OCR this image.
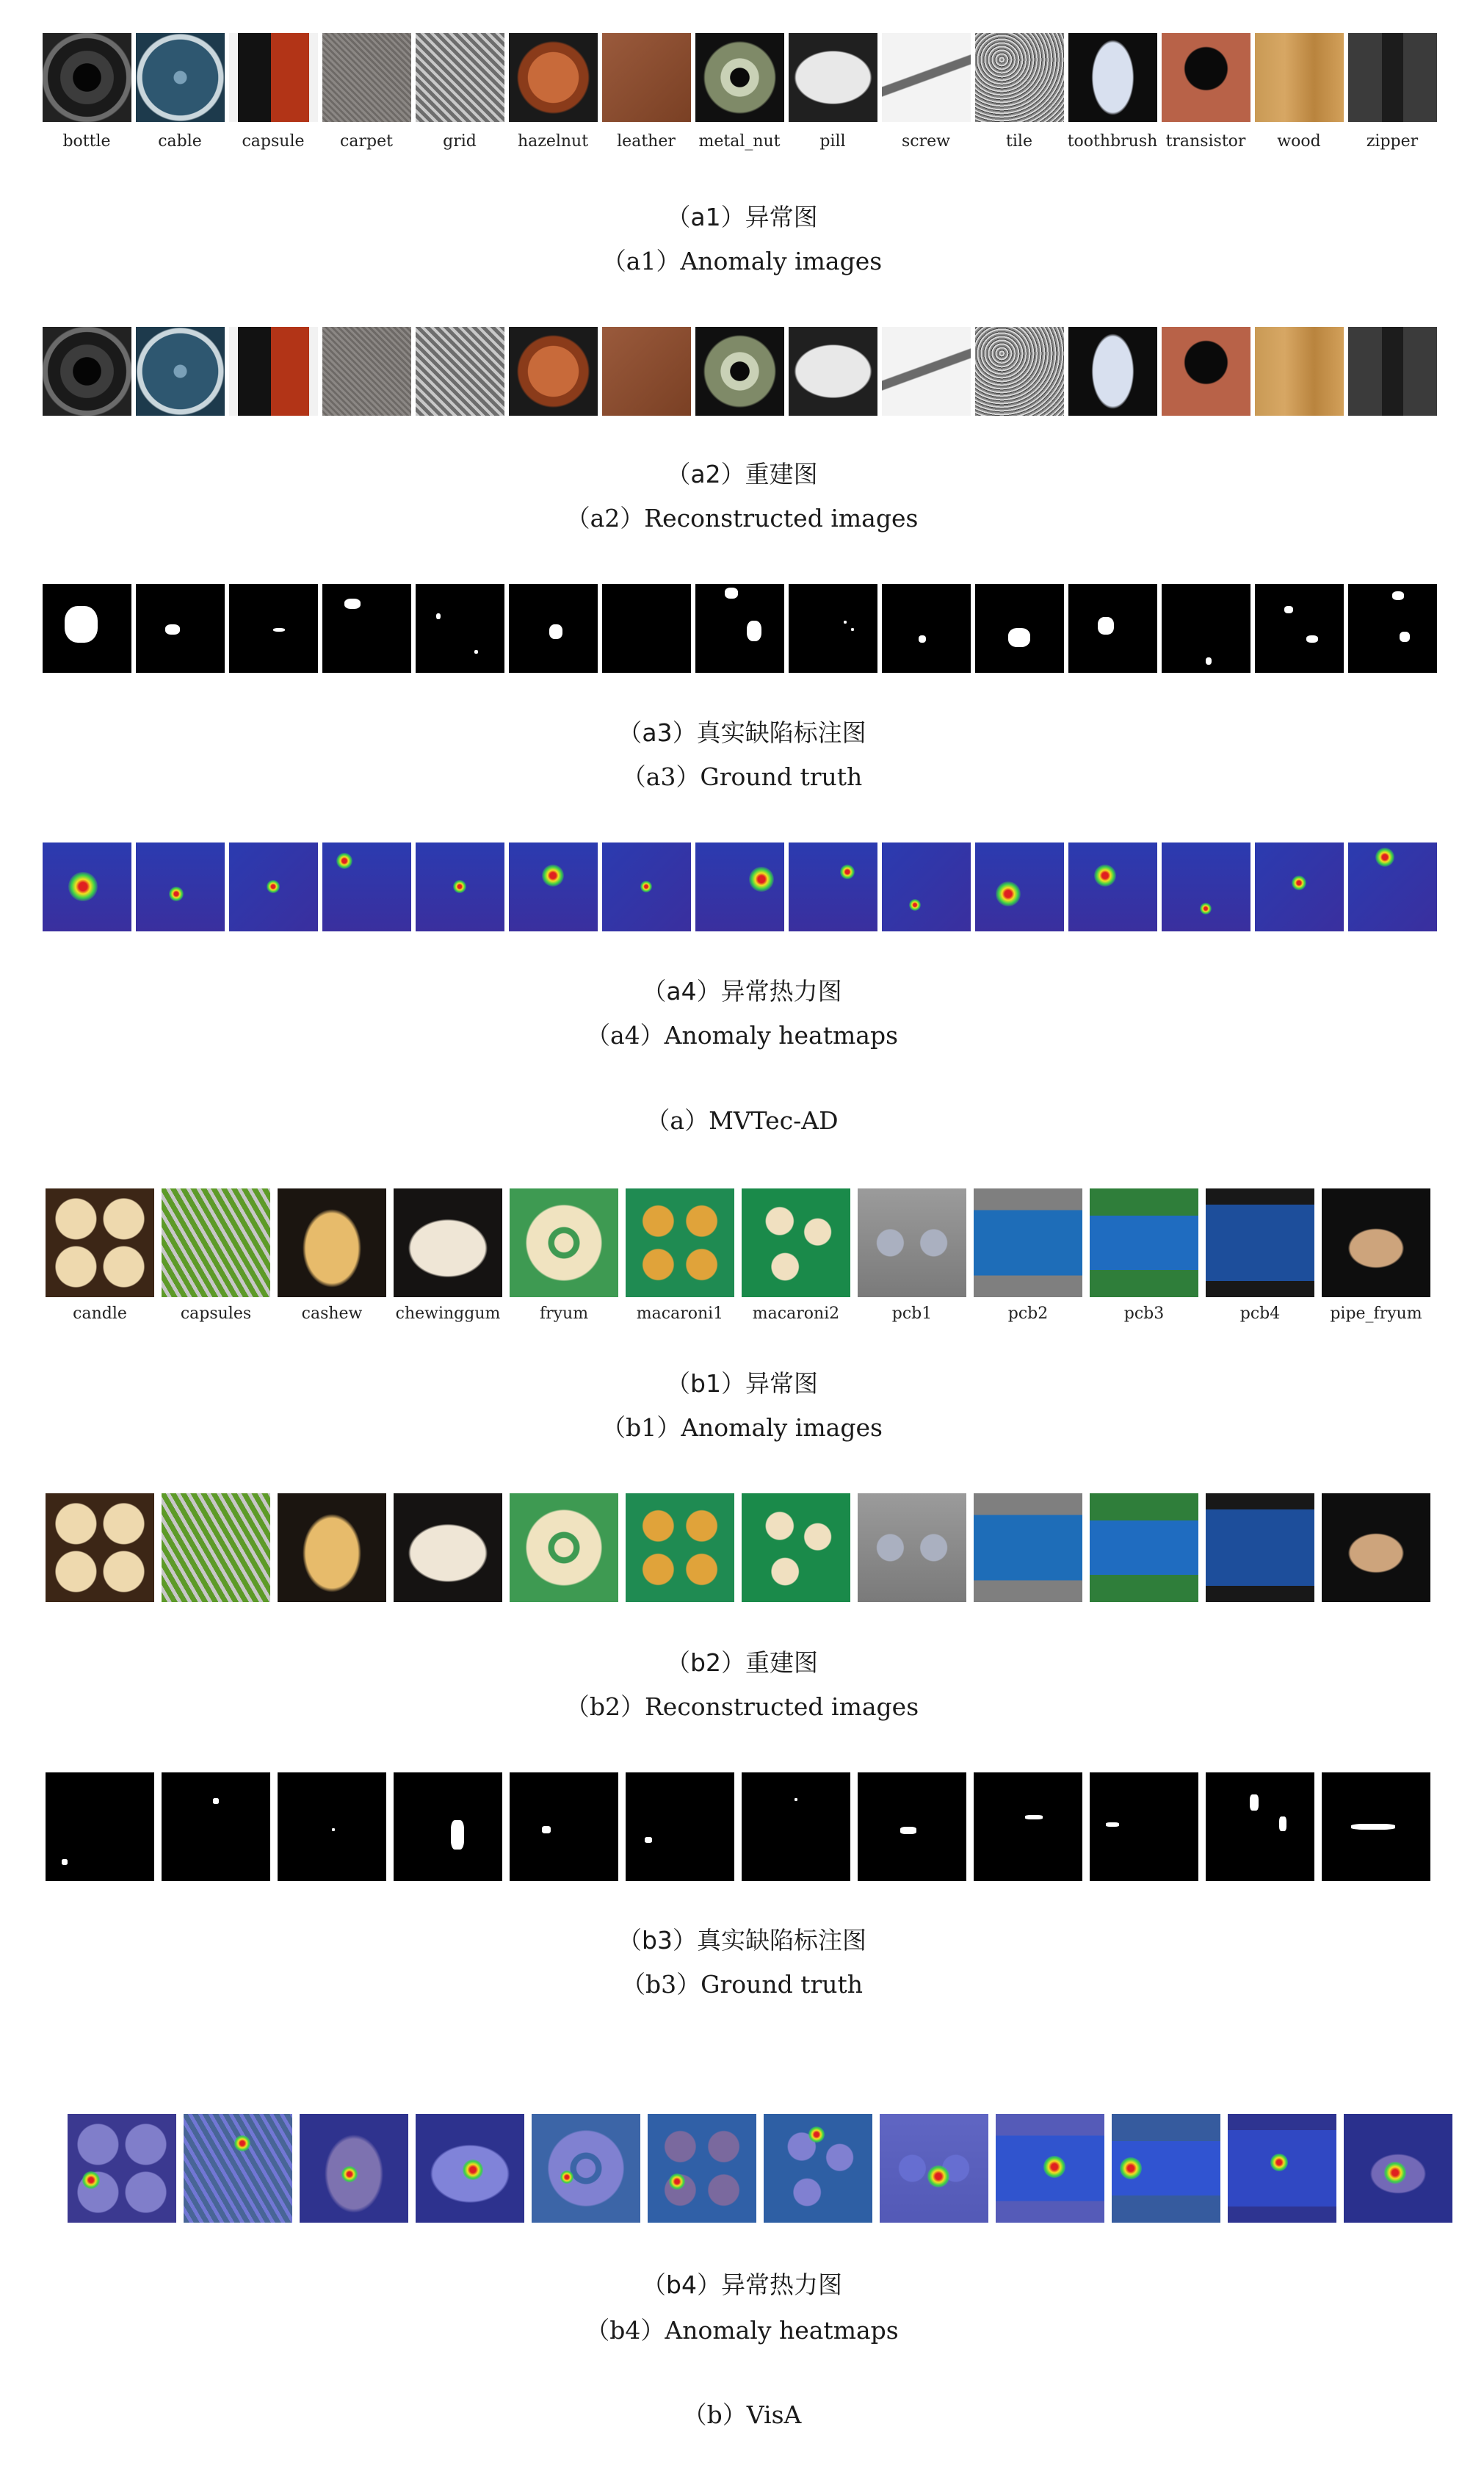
bottle	cable	capsule	carpet	grid	hazelnut	leather	metal_nut	pill	screw	tile	toothbrush transistor	wood	zipper
（a1）异常图
（a1）Anomaly images
（a2）重建图
（a2）Reconstructed images
（a3）真实缺陷标注图
（a3）Ground truth
（a4）异常热力图
（a4）Anomaly heatmaps
（a）MVTec-AD
candle	capsules	cashew	chewinggum	fryum	macaroni1	macaroni2	pcb1	pcb2	pcb3	pcb4	pipe_fryum
（b1）异常图
（b1）Anomaly images
（b2）重建图
（b2）Reconstructed images
（b3）真实缺陷标注图
（b3）Ground truth
（b4）异常热力图
（b4）Anomaly heatmaps
（b）VisA
